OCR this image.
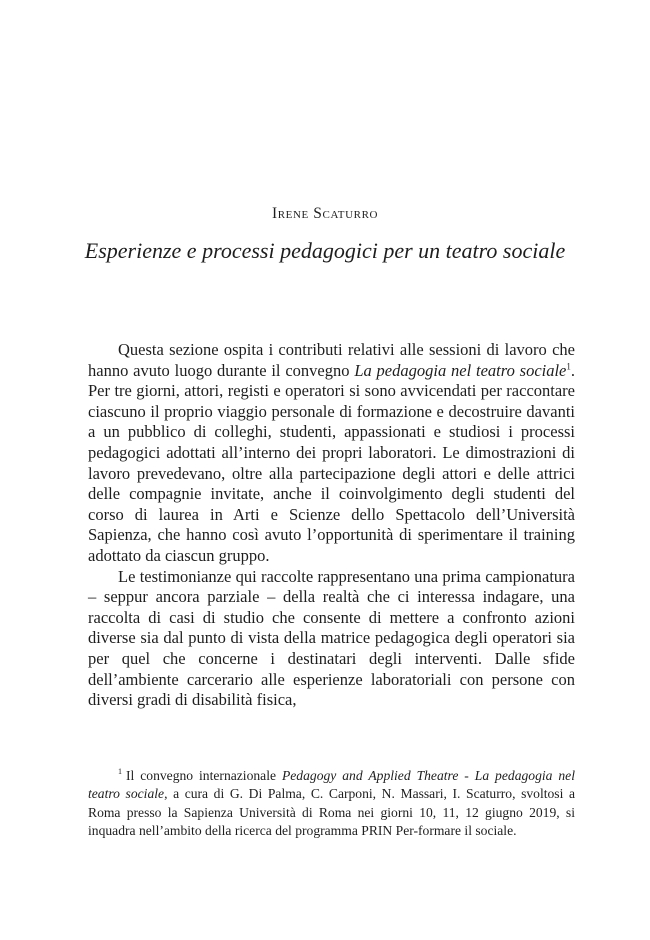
Irene Scaturro
Esperienze e processi pedagogici per un teatro sociale

Questa sezione ospita i contributi relativi alle sessioni di lavoro che hanno avuto luogo durante il convegno La pedagogia nel teatro sociale$^1$. Per tre giorni, attori, registi e operatori si sono avvicendati per raccontare ciascuno il proprio viaggio personale di formazione e decostruire davanti a un pubblico di colleghi, studenti, appassionati e studiosi i processi pedagogici adottati all’interno dei propri laboratori. Le dimostrazioni di lavoro prevedevano, oltre alla partecipazione degli attori e delle attrici delle compagnie invitate, anche il coinvolgimento degli studenti del corso di laurea in Arti e Scienze dello Spettacolo dell’Università Sapienza, che hanno così avuto l’opportunità di sperimentare il training adottato da ciascun gruppo.

Le testimonianze qui raccolte rappresentano una prima campionatura – seppur ancora parziale – della realtà che ci interessa indagare, una raccolta di casi di studio che consente di mettere a confronto azioni diverse sia dal punto di vista della matrice pedagogica degli operatori sia per quel che concerne i destinatari degli interventi. Dalle sfide dell’ambiente carcerario alle esperienze laboratoriali con persone con diversi gradi di disabilità fisica,

$^1$ Il convegno internazionale Pedagogy and Applied Theatre - La pedagogia nel teatro sociale, a cura di G. Di Palma, C. Carponi, N. Massari, I. Scaturro, svoltosi a Roma presso la Sapienza Università di Roma nei giorni 10, 11, 12 giugno 2019, si inquadra nell’ambito della ricerca del programma PRIN Per-formare il sociale.
